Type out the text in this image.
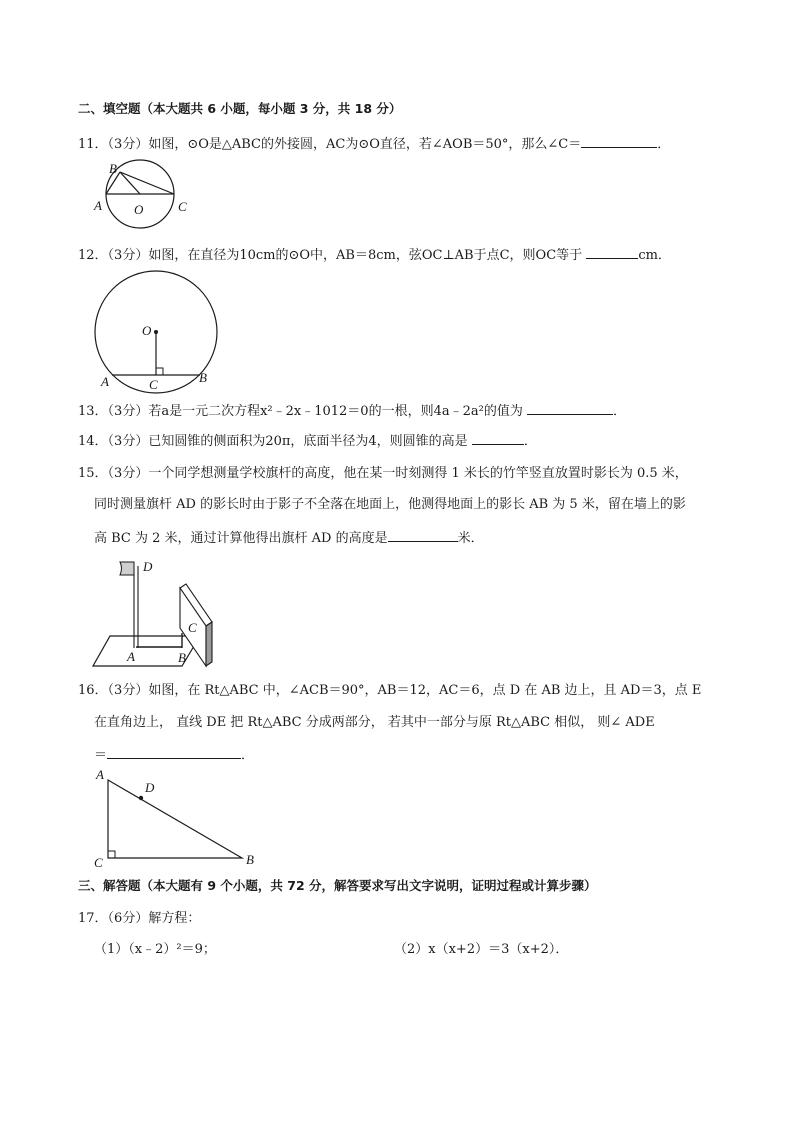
二、填空题（本大题共 6 小题，每小题 3 分，共 18 分）
11．（3分）如图，⊙O是△ABC的外接圆，AC为⊙O直径，若∠AOB＝50°，那么∠C＝	．
B
A O	C
12．（3分）如图，在直径为10cm的⊙O中，AB＝8cm，弦OC⊥AB于点C，则OC等于	cm．
O
A	C	B
13．（3分）若a是一元二次方程x²﹣2x﹣1012＝0的一根，则4a﹣2a²的值为	．
14．（3分）已知圆锥的侧面积为20π，底面半径为4，则圆锥的高是	．
15．（3分）一个同学想测量学校旗杆的高度，他在某一时刻测得 1 米长的竹竿竖直放置时影长为 0.5 米，
同时测量旗杆 AD 的影长时由于影子不全落在地面上，他测得地面上的影长 AB 为 5 米，留在墙上的影
高 BC 为 2 米，通过计算他得出旗杆 AD 的高度是	米．
D
C
A	B
16．（3分）如图，在 Rt△ABC 中，∠ACB＝90°，AB＝12，AC＝6，点 D 在 AB 边上，且 AD＝3，点 E
在直角边上， 直线 DE 把 Rt△ABC 分成两部分， 若其中一部分与原 Rt△ABC 相似， 则∠ ADE
＝	．
A
D
C	B
三、解答题（本大题有 9 个小题，共 72 分，解答要求写出文字说明，证明过程或计算步骤）
17．（6分）解方程：
（1）（x﹣2）²＝9；	（2）x（x+2）＝3（x+2）．
